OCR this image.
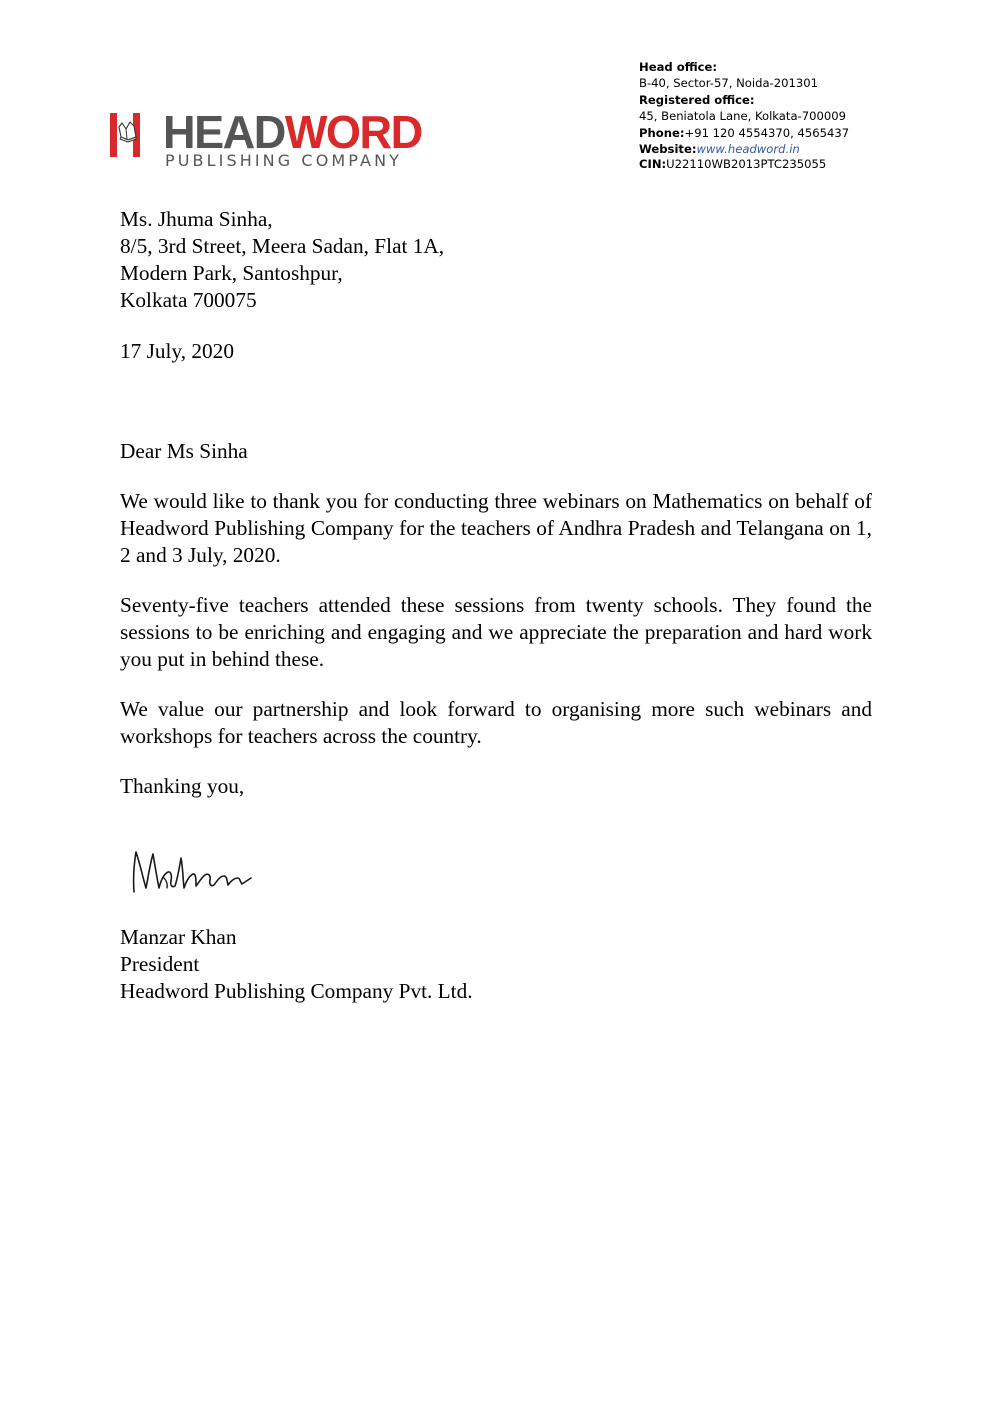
HEADWORD
PUBLISHING COMPANY
Head office:
B-40, Sector-57, Noida-201301
Registered office:
45, Beniatola Lane, Kolkata-700009
Phone:+91 120 4554370, 4565437
Website:www.headword.in
CIN:U22110WB2013PTC235055
Ms. Jhuma Sinha,
8/5, 3rd Street, Meera Sadan, Flat 1A,
Modern Park, Santoshpur,
Kolkata 700075
17 July, 2020
Dear Ms Sinha
We would like to thank you for conducting three webinars on Mathematics on behalf of Headword Publishing Company for the teachers of Andhra Pradesh and Telangana on 1, 2 and 3 July, 2020.
Seventy-five teachers attended these sessions from twenty schools. They found the sessions to be enriching and engaging and we appreciate the preparation and hard work you put in behind these.
We value our partnership and look forward to organising more such webinars and workshops for teachers across the country.
Thanking you,
Manzar Khan
President
Headword Publishing Company Pvt. Ltd.
